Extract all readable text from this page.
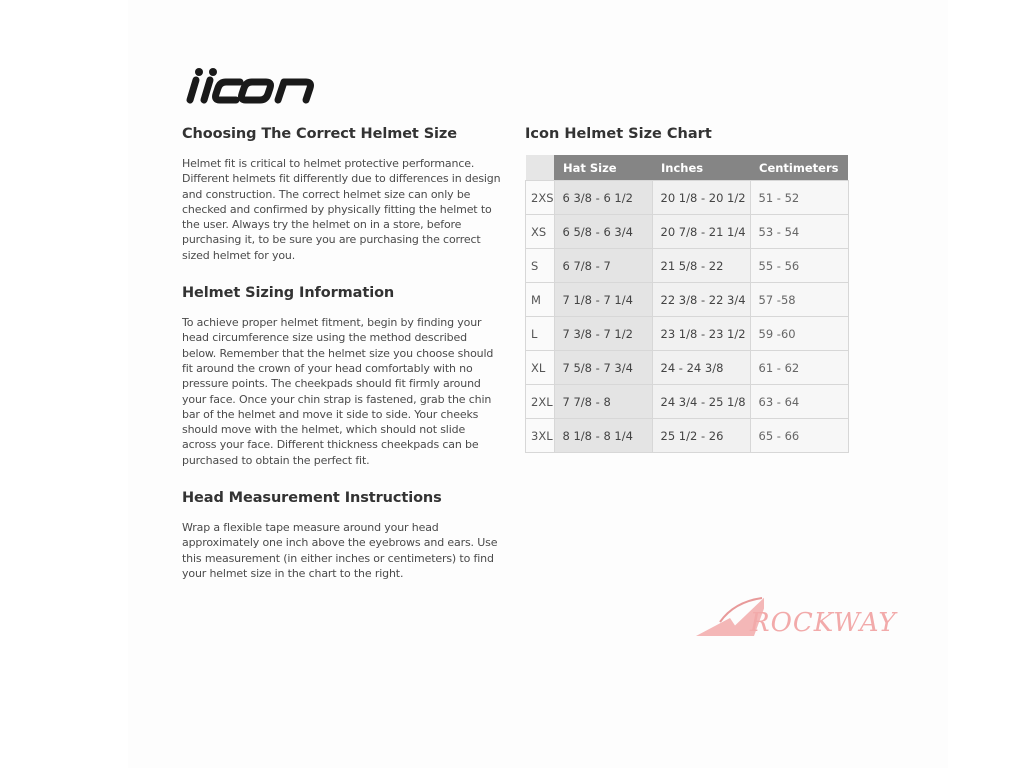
Choosing The Correct Helmet Size

Helmet fit is critical to helmet protective performance. Different helmets fit differently due to differences in design and construction. The correct helmet size can only be checked and confirmed by physically fitting the helmet to the user. Always try the helmet on in a store, before purchasing it, to be sure you are purchasing the correct sized helmet for you.

Helmet Sizing Information

To achieve proper helmet fitment, begin by finding your head circumference size using the method described below. Remember that the helmet size you choose should fit around the crown of your head comfortably with no pressure points. The cheekpads should fit firmly around your face. Once your chin strap is fastened, grab the chin bar of the helmet and move it side to side. Your cheeks should move with the helmet, which should not slide across your face. Different thickness cheekpads can be purchased to obtain the perfect fit.

Head Measurement Instructions

Wrap a flexible tape measure around your head approximately one inch above the eyebrows and ears. Use this measurement (in either inches or centimeters) to find your helmet size in the chart to the right.

Icon Helmet Size Chart
	Hat Size	Inches	Centimeters
2XS	6 3/8 - 6 1/2	20 1/8 - 20 1/2	51 - 52
XS	6 5/8 - 6 3/4	20 7/8 - 21 1/4	53 - 54
S	6 7/8 - 7	21 5/8 - 22	55 - 56
M	7 1/8 - 7 1/4	22 3/8 - 22 3/4	57 -58
L	7 3/8 - 7 1/2	23 1/8 - 23 1/2	59 -60
XL	7 5/8 - 7 3/4	24 - 24 3/8	61 - 62
2XL	7 7/8 - 8	24 3/4 - 25 1/8	63 - 64
3XL	8 1/8 - 8 1/4	25 1/2 - 26	65 - 66
ROCKWAY
